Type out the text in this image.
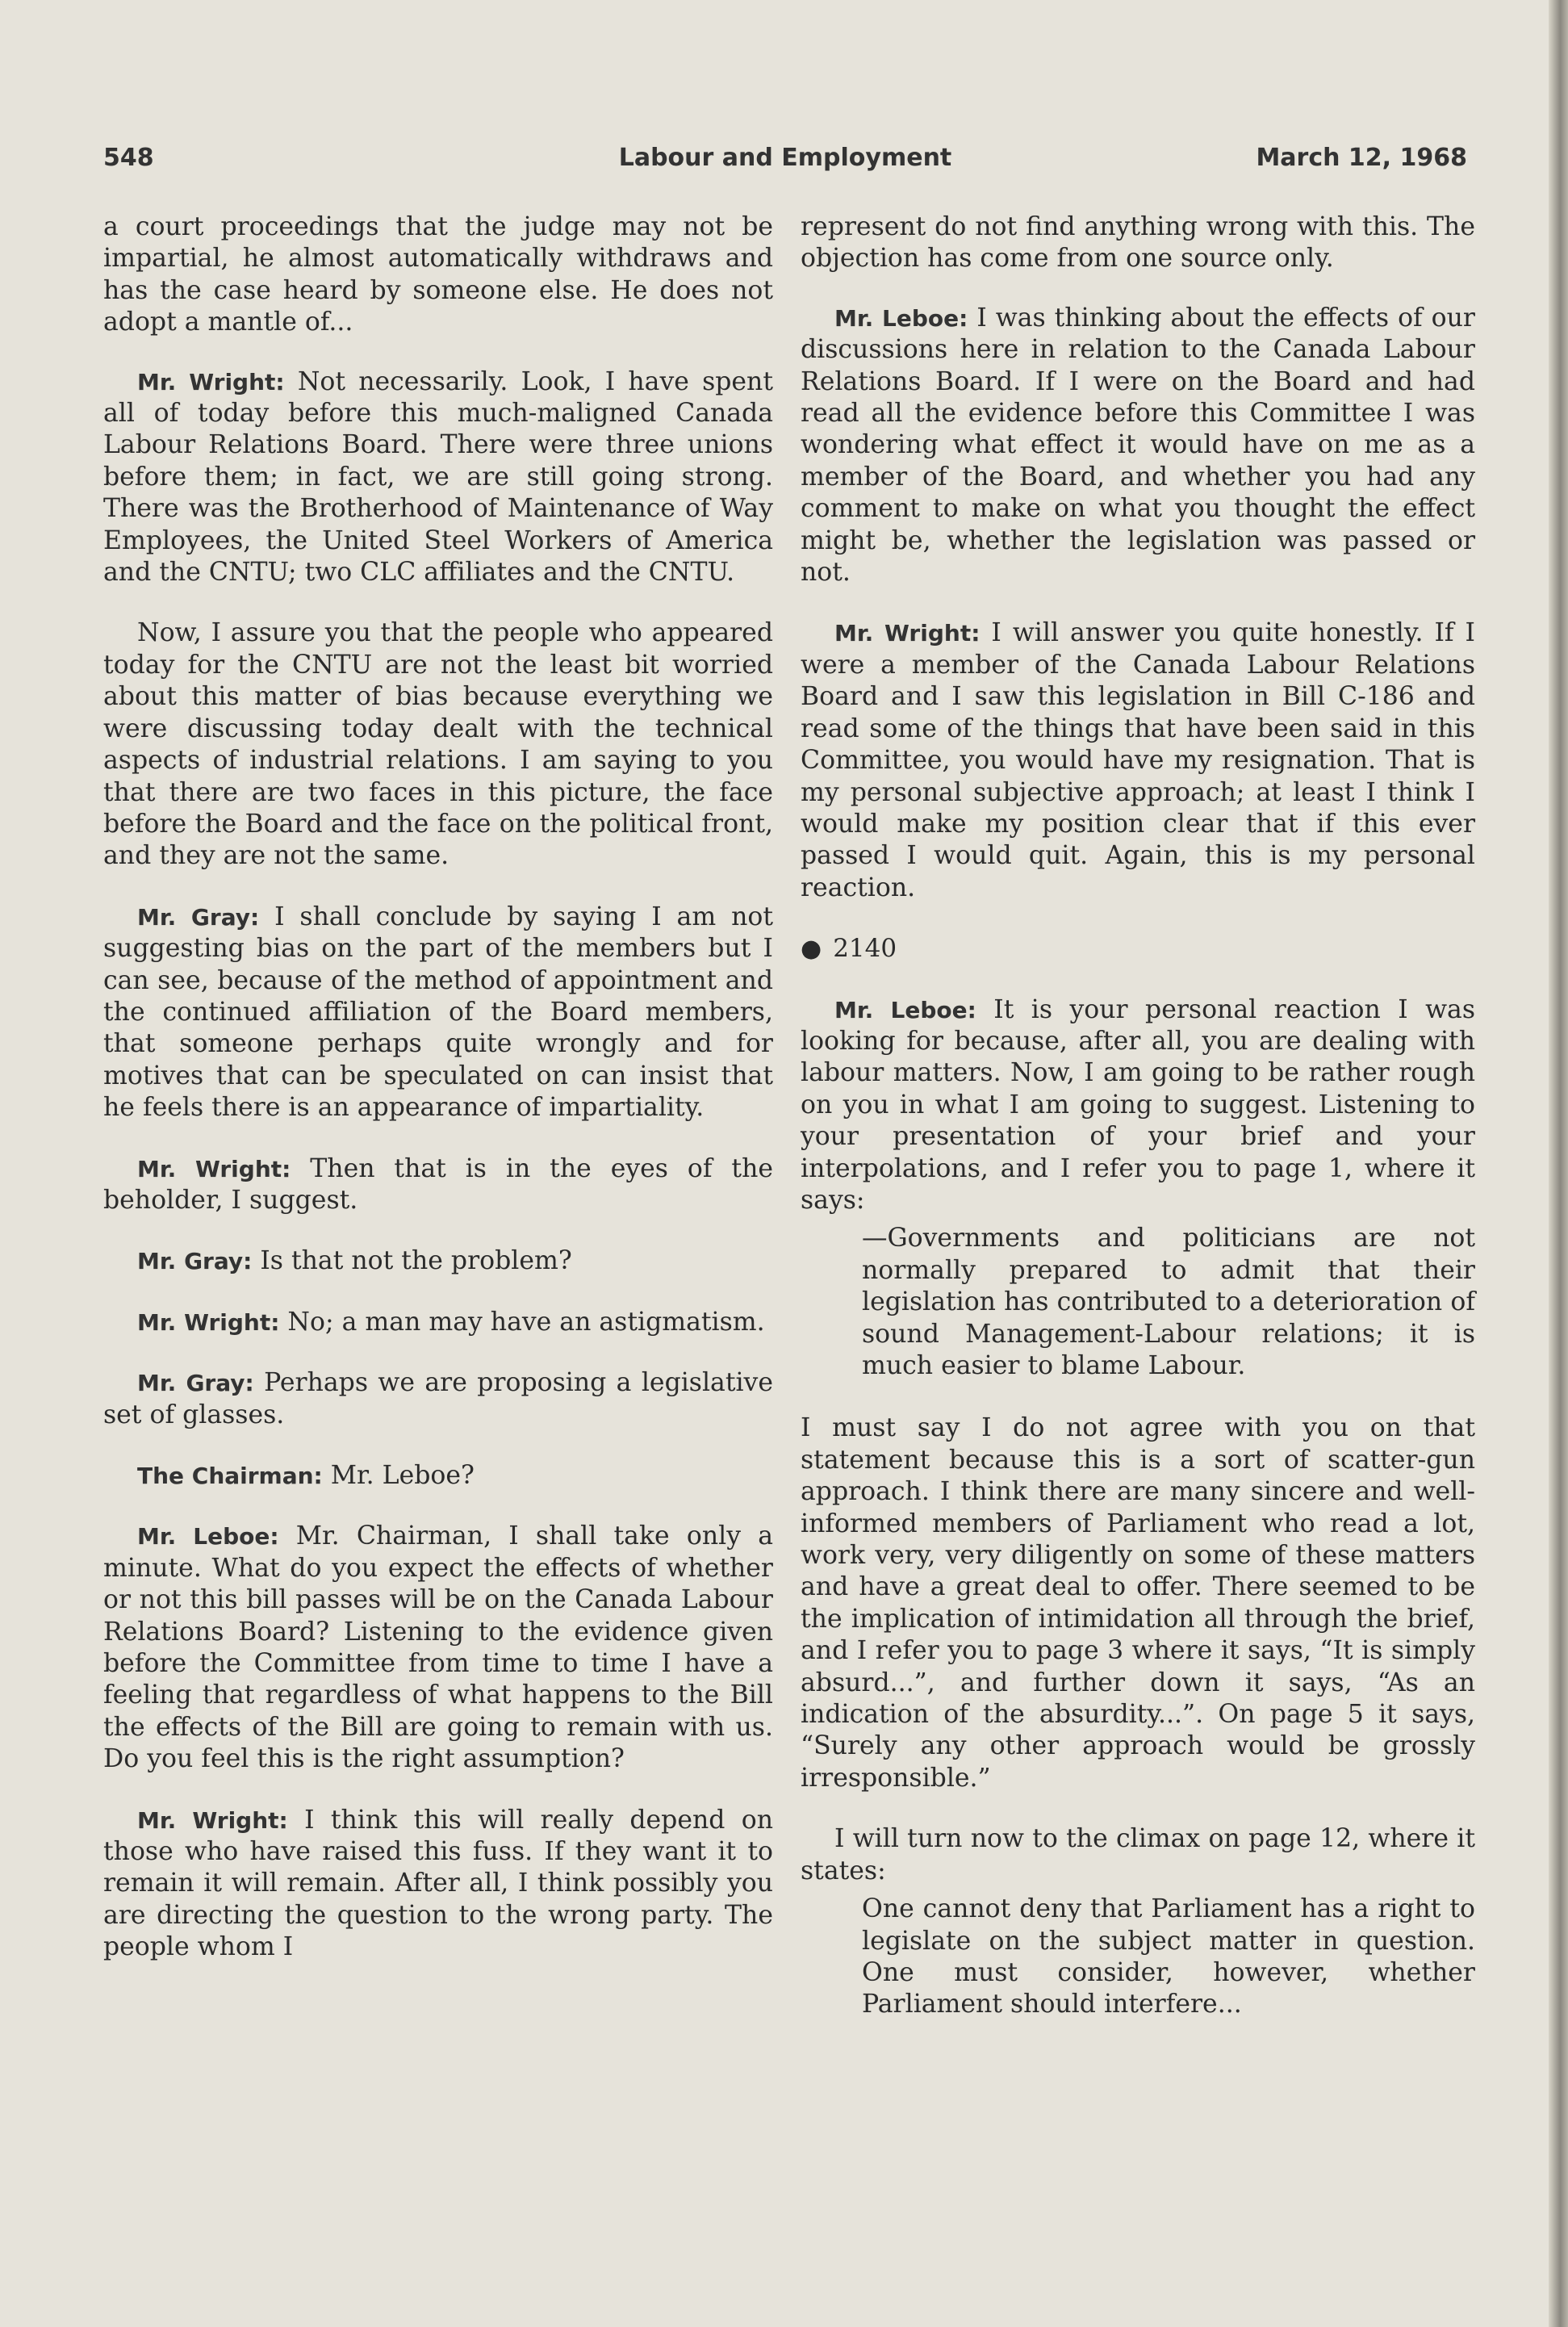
548	Labour and Employment	March 12, 1968

a court proceedings that the judge may not be impartial, he almost automatically withdraws and has the case heard by someone else. He does not adopt a mantle of...

Mr. Wright: Not necessarily. Look, I have spent all of today before this much-maligned Canada Labour Relations Board. There were three unions before them; in fact, we are still going strong. There was the Brotherhood of Maintenance of Way Employees, the United Steel Workers of America and the CNTU; two CLC affiliates and the CNTU.

Now, I assure you that the people who appeared today for the CNTU are not the least bit worried about this matter of bias because everything we were discussing today dealt with the technical aspects of industrial relations. I am saying to you that there are two faces in this picture, the face before the Board and the face on the political front, and they are not the same.

Mr. Gray: I shall conclude by saying I am not suggesting bias on the part of the members but I can see, because of the method of appointment and the continued affiliation of the Board members, that someone perhaps quite wrongly and for motives that can be speculated on can insist that he feels there is an appearance of impartiality.

Mr. Wright: Then that is in the eyes of the beholder, I suggest.

Mr. Gray: Is that not the problem?

Mr. Wright: No; a man may have an astigmatism.

Mr. Gray: Perhaps we are proposing a legislative set of glasses.

The Chairman: Mr. Leboe?

Mr. Leboe: Mr. Chairman, I shall take only a minute. What do you expect the effects of whether or not this bill passes will be on the Canada Labour Relations Board? Listening to the evidence given before the Committee from time to time I have a feeling that regardless of what happens to the Bill the effects of the Bill are going to remain with us. Do you feel this is the right assumption?

Mr. Wright: I think this will really depend on those who have raised this fuss. If they want it to remain it will remain. After all, I think possibly you are directing the question to the wrong party. The people whom I

represent do not find anything wrong with this. The objection has come from one source only.

Mr. Leboe: I was thinking about the effects of our discussions here in relation to the Canada Labour Relations Board. If I were on the Board and had read all the evidence before this Committee I was wondering what effect it would have on me as a member of the Board, and whether you had any comment to make on what you thought the effect might be, whether the legislation was passed or not.

Mr. Wright: I will answer you quite honestly. If I were a member of the Canada Labour Relations Board and I saw this legislation in Bill C-186 and read some of the things that have been said in this Committee, you would have my resignation. That is my personal subjective approach; at least I think I would make my position clear that if this ever passed I would quit. Again, this is my personal reaction.

● 2140

Mr. Leboe: It is your personal reaction I was looking for because, after all, you are dealing with labour matters. Now, I am going to be rather rough on you in what I am going to suggest. Listening to your presentation of your brief and your interpolations, and I refer you to page 1, where it says:

—Governments and politicians are not normally prepared to admit that their legislation has contributed to a deterioration of sound Management-Labour relations; it is much easier to blame Labour.

I must say I do not agree with you on that statement because this is a sort of scatter-gun approach. I think there are many sincere and well-informed members of Parliament who read a lot, work very, very diligently on some of these matters and have a great deal to offer. There seemed to be the implication of intimidation all through the brief, and I refer you to page 3 where it says, “It is simply absurd...”, and further down it says, “As an indication of the absurdity...”. On page 5 it says, “Surely any other approach would be grossly irresponsible.”

I will turn now to the climax on page 12, where it states:

One cannot deny that Parliament has a right to legislate on the subject matter in question. One must consider, however, whether Parliament should interfere...
